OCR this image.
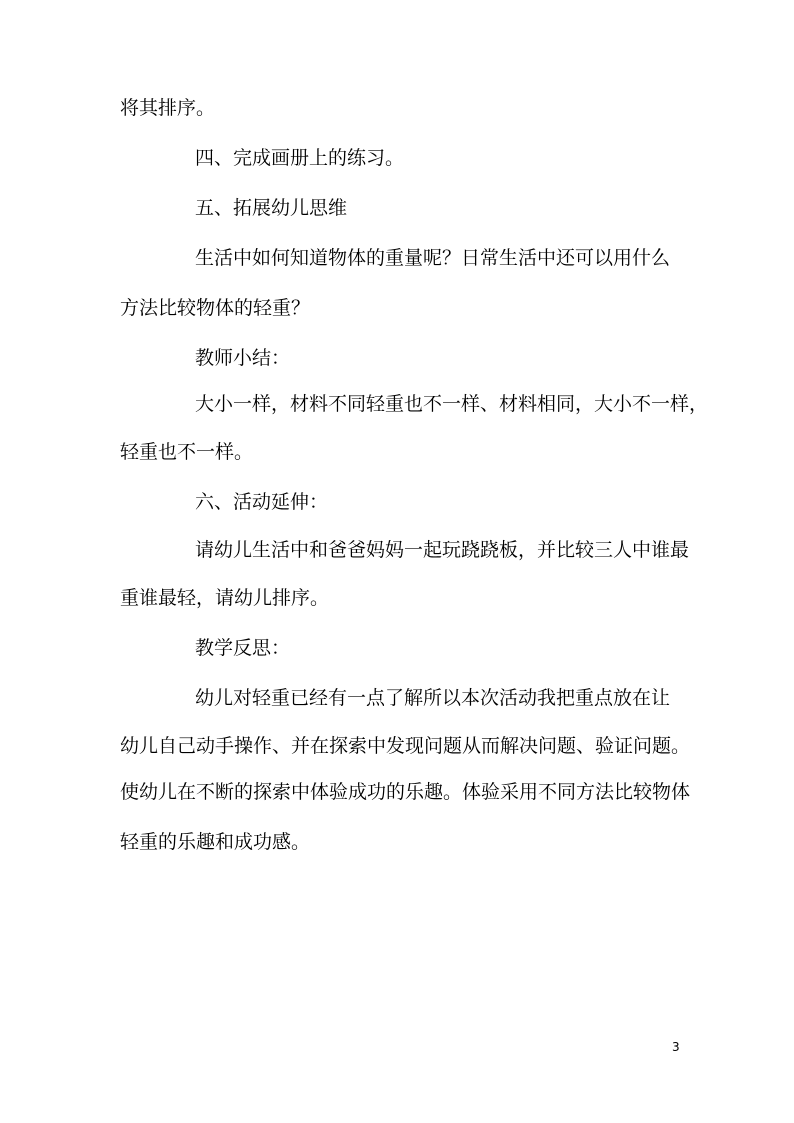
将其排序。
四、完成画册上的练习。
五、拓展幼儿思维
生活中如何知道物体的重量呢？日常生活中还可以用什么
方法比较物体的轻重？
教师小结：
大小一样，材料不同轻重也不一样、材料相同，大小不一样，
轻重也不一样。
六、活动延伸：
请幼儿生活中和爸爸妈妈一起玩跷跷板，并比较三人中谁最
重谁最轻，请幼儿排序。
教学反思：
幼儿对轻重已经有一点了解所以本次活动我把重点放在让
幼儿自己动手操作、并在探索中发现问题从而解决问题、验证问题。
使幼儿在不断的探索中体验成功的乐趣。体验采用不同方法比较物体
轻重的乐趣和成功感。
3
